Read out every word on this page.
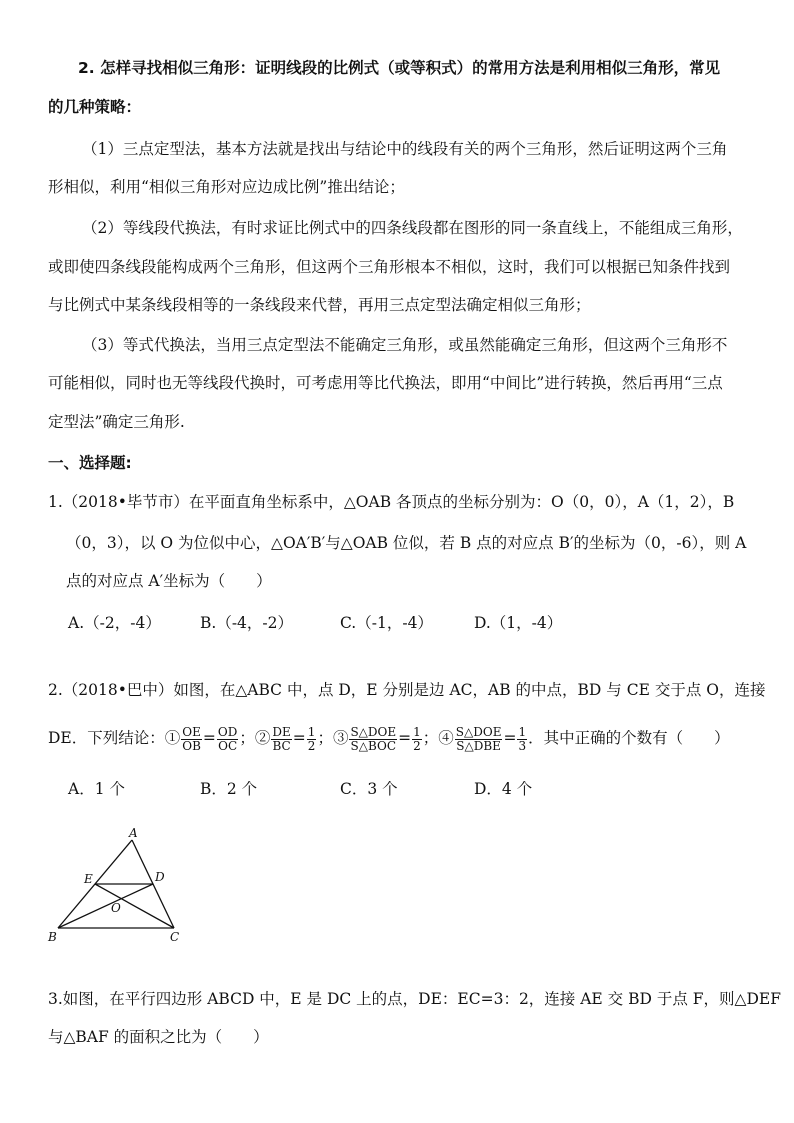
2. 怎样寻找相似三角形：证明线段的比例式（或等积式）的常用方法是利用相似三角形，常见
的几种策略：
（1）三点定型法，基本方法就是找出与结论中的线段有关的两个三角形，然后证明这两个三角
形相似，利用“相似三角形对应边成比例”推出结论；
（2）等线段代换法，有时求证比例式中的四条线段都在图形的同一条直线上，不能组成三角形，
或即使四条线段能构成两个三角形，但这两个三角形根本不相似，这时，我们可以根据已知条件找到
与比例式中某条线段相等的一条线段来代替，再用三点定型法确定相似三角形；
（3）等式代换法，当用三点定型法不能确定三角形，或虽然能确定三角形，但这两个三角形不
可能相似，同时也无等线段代换时，可考虑用等比代换法，即用“中间比”进行转换，然后再用“三点
定型法”确定三角形.
一、选择题:
1.（2018•毕节市）在平面直角坐标系中，△OAB 各顶点的坐标分别为：O（0，0），A（1，2），B
（0，3），以 O 为位似中心，△OA′B′与△OAB 位似，若 B 点的对应点 B′的坐标为（0，-6），则 A
点的对应点 A′坐标为（　　）
A.（-2，-4）	B.（-4，-2）	C.（-1，-4）	D.（1，-4）
2.（2018•巴中）如图，在△ABC 中，点 D，E 分别是边 AC，AB 的中点，BD 与 CE 交于点 O，连接
DE．下列结论：① $\frac{OE}{OB} = \frac{OD}{OC}$ ；② $\frac{DE}{BC} = \frac{1}{2}$ ；③ $\frac{\text{S△DOE}}{\text{S△BOC}} = \frac{1}{2}$ ；④ $\frac{\text{S△DOE}}{\text{S△DBE}} = \frac{1}{3}$ ．其中正确的个数有（　　）
A．1 个	B．2 个	C．3 个	D．4 个
A
B	C
D
E
O
3.如图，在平行四边形 ABCD 中，E 是 DC 上的点，DE：EC=3：2，连接 AE 交 BD 于点 F，则△DEF
与△BAF 的面积之比为（　　）
